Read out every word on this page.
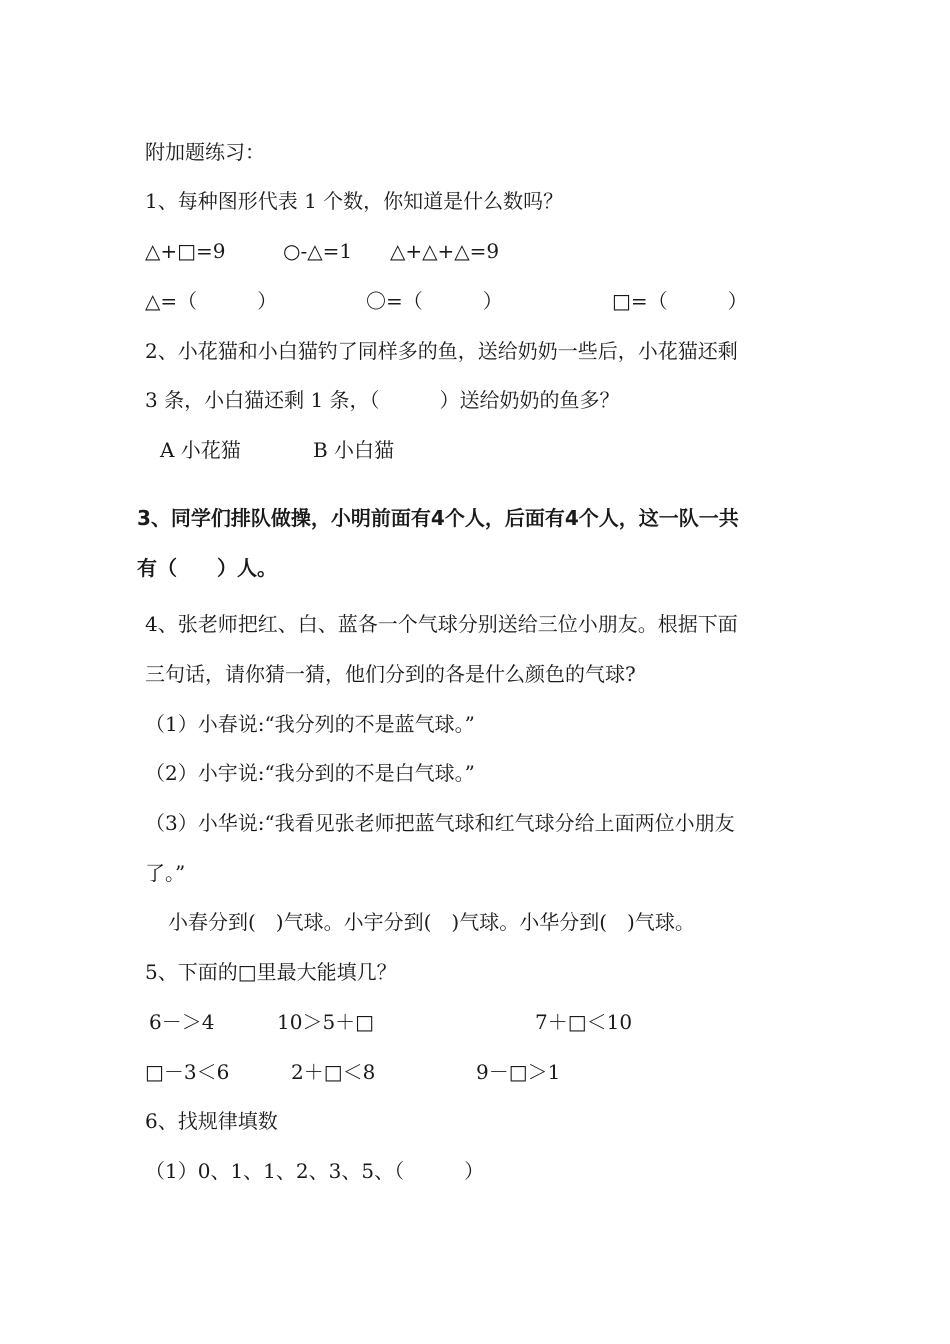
附加题练习：
1、每种图形代表 1 个数，你知道是什么数吗？
△+□=9	○-△=1 △+△+△=9
△=（　　　）	〇=（　　　）	□=（　　　）
2、小花猫和小白猫钓了同样多的鱼，送给奶奶一些后，小花猫还剩
3 条，小白猫还剩 1 条，（　　　）送给奶奶的鱼多？
A 小花猫	B 小白猫
3、同学们排队做操，小明前面有4个人，后面有4个人，这一队一共
有（　　）人。
4、张老师把红、白、蓝各一个气球分别送给三位小朋友。根据下面
三句话，请你猜一猜，他们分到的各是什么颜色的气球?
（1）小春说:“我分列的不是蓝气球。”
（2）小宇说:“我分到的不是白气球。”
（3）小华说:“我看见张老师把蓝气球和红气球分给上面两位小朋友
了。”
小春分到(　)气球。小宇分到(　)气球。小华分到(　)气球。
5、下面的□里最大能填几？
6－＞4	10＞5＋□	7＋□＜10
□－3＜6	2＋□＜8	9－□＞1
6、找规律填数
（1）0、1、1、2、3、5、（　　　）
